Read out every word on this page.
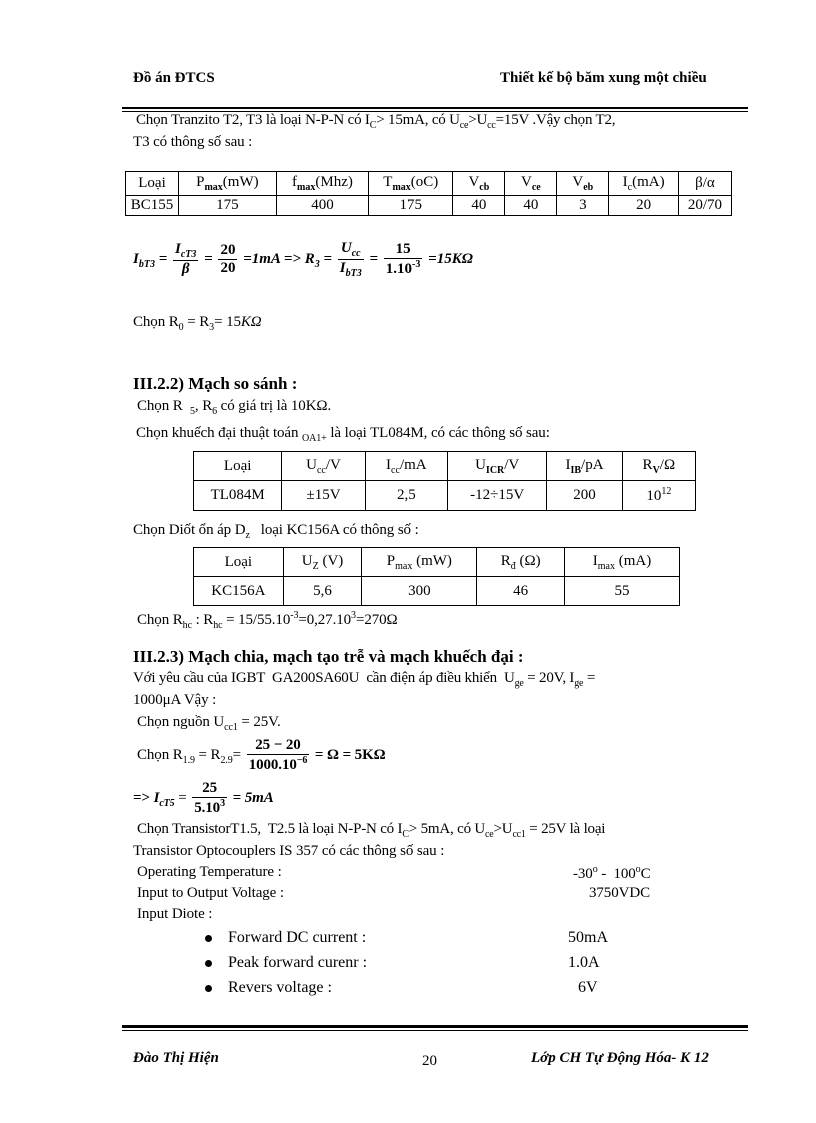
Đồ án ĐTCS	Thiết kế bộ băm xung một chiều
Chọn Tranzito T2, T3 là loại N-P-N có $I_C> 15mA$, có $U_{ce}>U_{cc}=15V$ .Vậy chọn T2,
T3 có thông số sau :
Loại	$P_{max}(mW)$	$f_{max}(Mhz)$	$T_{max}(oC)$	$V_{cb}$	$V_{ce}$	$V_{eb}$	$I_c(mA)$	β/α
BC155	175	400	175	40	40	3	20	20/70
$I_{bT3} = \frac{I_{cT3}}{\beta} = \frac{20}{20} =1mA => R_3 = \frac{U_{cc}}{I_{bT3}} = \frac{15}{1.10^{-3}} =15K\Omega$
Chọn $R_0 = R_3= 15K\Omega$
III.2.2) Mạch so sánh :
Chọn R $_5$, $R_6$ có giá trị là 10KΩ.
Chọn khuếch đại thuật toán $_{OA1+}$ là loại TL084M, có các thông số sau:
Loại	$U_{cc}/V$	$I_{cc}/mA$	$U_{ICR}/V$	$I_{IB}/pA$	$R_V/\Omega$
TL084M	±15V	2,5	-12÷15V	200	$10^{12}$
Chọn Diốt ổn áp $D_z$   loại KC156A có thông số :
Loại	$U_Z$ (V)	$P_{max}$ (mW)	$R_đ$ (Ω)	$I_{max}$ (mA)
KC156A	5,6	300	46	55
Chọn $R_{hc}$ : $R_{hc} = 15/55.10^{-3}=0,27.10^3=270\Omega$
III.2.3) Mạch chia, mạch tạo trễ và mạch khuếch đại :
Với yêu cầu của IGBT  GA200SA60U  cần điện áp điều khiển  $U_{ge} = 20V$, $I_{ge}$ =
1000μA Vậy :
Chọn nguồn $U_{cc1} = 25V$.
Chọn $R_{1.9} = R_{2.9}= \frac{25 - 20}{1000.10^{-6}} = \Omega = 5K\Omega$
=> $I_{cT5} = \frac{25}{5.10^3} = 5mA$
Chọn TransistorT1.5,  T2.5 là loại N-P-N có $I_C> 5mA$, có $U_{ce}>U_{cc1} = 25V$ là loại
Transistor Optocouplers IS 357 có các thông số sau :
Operating Temperature :	-30$^o$ -  100$^o$C
Input to Output Voltage :	3750VDC
Input Diote :
Forward DC current :	50mA
Peak forward curenr :	1.0A
Revers voltage :	6V
Đào Thị Hiện	20	Lớp CH Tự Động Hóa- K 12
